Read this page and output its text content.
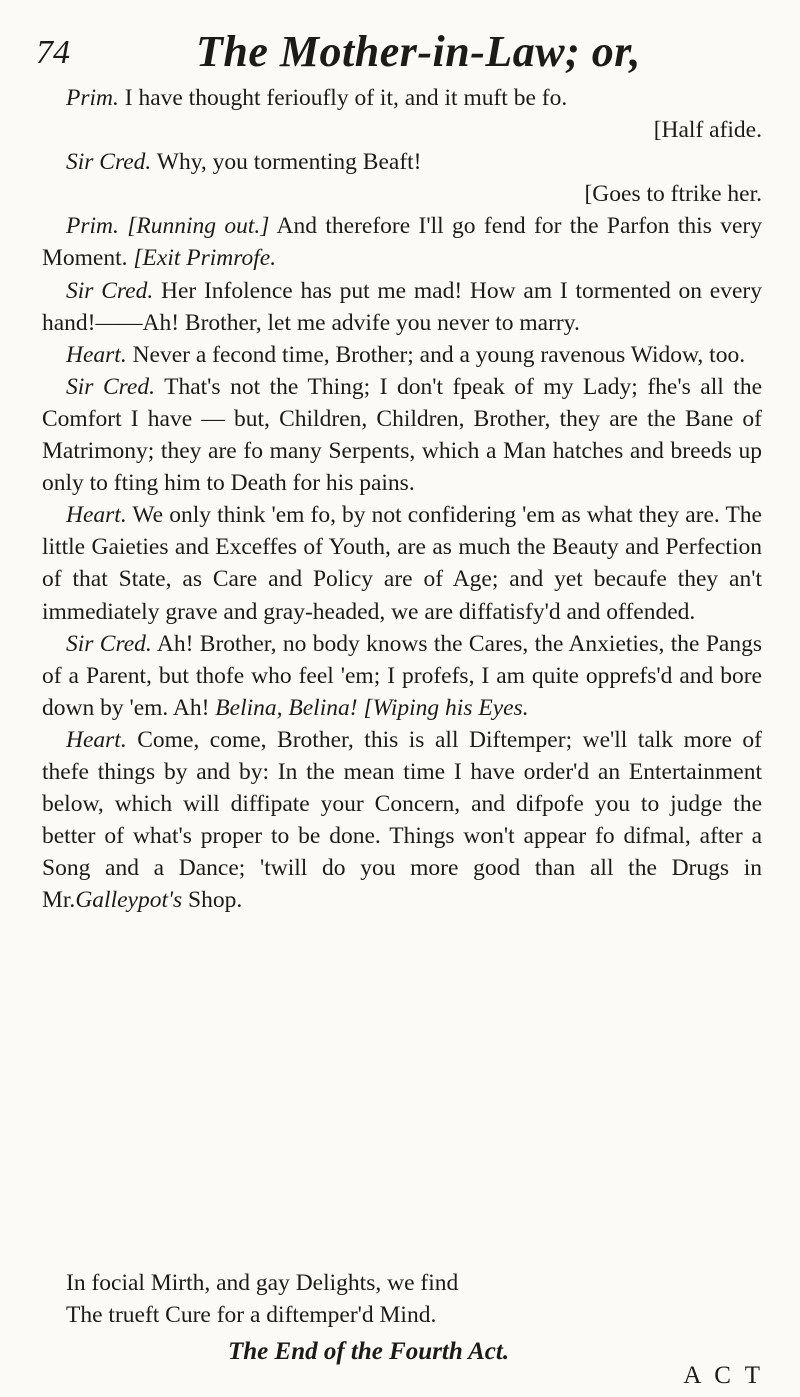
74	The Mother-in-Law; or,

Prim. I have thought ferioufly of it, and it muft be fo.

[Half afide.

Sir Cred. Why, you tormenting Beaft!

[Goes to ftrike her.

Prim. [Running out.] And therefore I'll go fend for the Parfon this very Moment. [Exit Primrofe.

Sir Cred. Her Infolence has put me mad! How am I tormented on every hand!——Ah! Brother, let me advife you never to marry.

Heart. Never a fecond time, Brother; and a young ravenous Widow, too.

Sir Cred. That's not the Thing; I don't fpeak of my Lady; fhe's all the Comfort I have — but, Children, Children, Brother, they are the Bane of Matrimony; they are fo many Serpents, which a Man hatches and breeds up only to fting him to Death for his pains.

Heart. We only think 'em fo, by not confidering 'em as what they are. The little Gaieties and Exceffes of Youth, are as much the Beauty and Perfection of that State, as Care and Policy are of Age; and yet becaufe they an't immediately grave and gray-headed, we are diffatisfy'd and offended.

Sir Cred. Ah! Brother, no body knows the Cares, the Anxieties, the Pangs of a Parent, but thofe who feel 'em; I profefs, I am quite opprefs'd and bore down by 'em. Ah! Belina, Belina! [Wiping his Eyes.

Heart. Come, come, Brother, this is all Diftemper; we'll talk more of thefe things by and by: In the mean time I have order'd an Entertainment below, which will diffipate your Concern, and difpofe you to judge the better of what's proper to be done. Things won't appear fo difmal, after a Song and a Dance; 'twill do you more good than all the Drugs in Mr.Galleypot's Shop.

In focial Mirth, and gay Delights, we find

The trueft Cure for a diftemper'd Mind.

The End of the Fourth Act.
A C T
